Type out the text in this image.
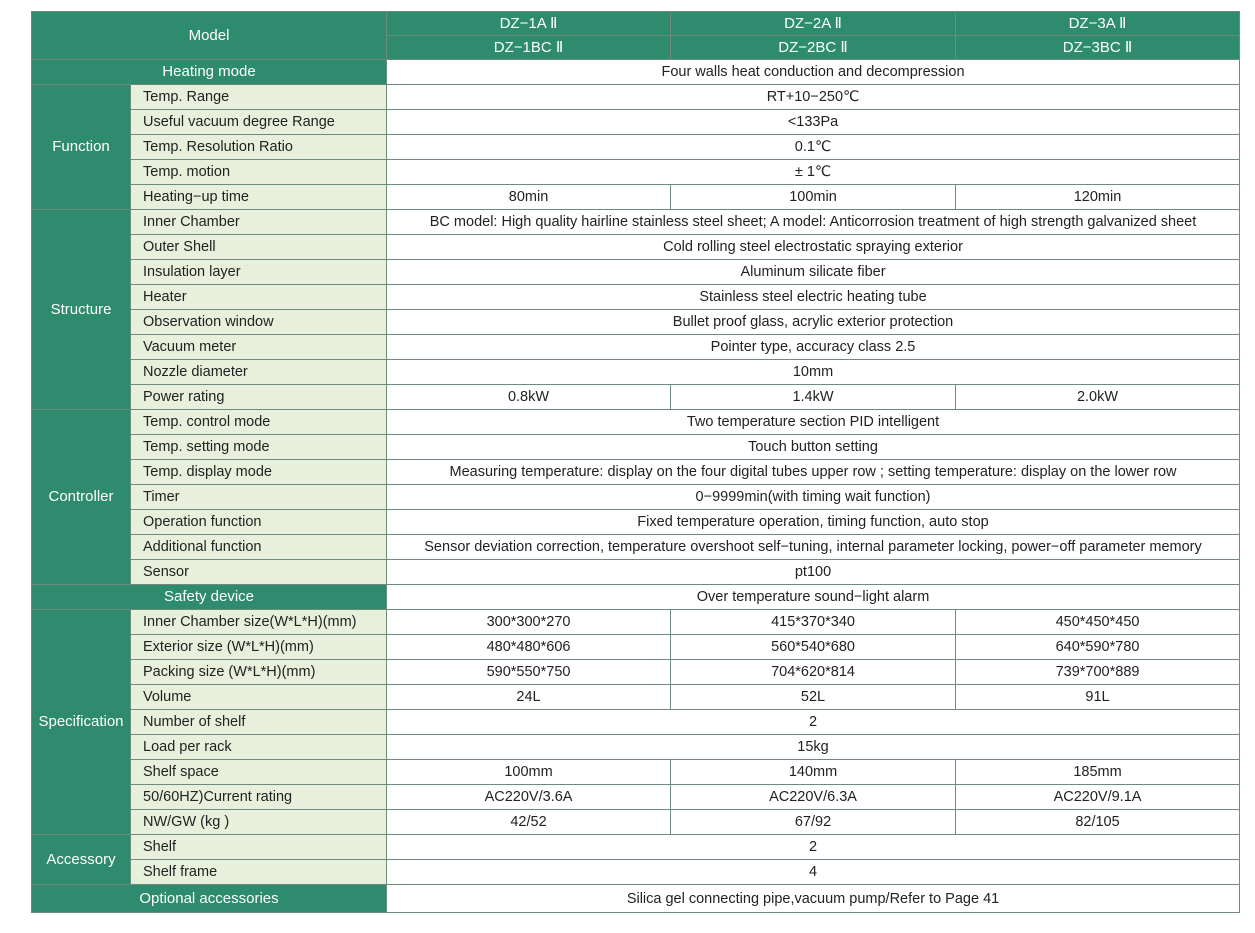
Model		DZ−1A Ⅱ	DZ−2A Ⅱ	DZ−3A Ⅱ
		DZ−1BC Ⅱ	DZ−2BC Ⅱ	DZ−3BC Ⅱ
Heating mode		Four walls heat conduction and decompression		
Function	Temp. Range	RT+10−250℃		
	Useful vacuum degree Range	<133Pa		
	Temp. Resolution Ratio	0.1℃		
	Temp. motion	± 1℃		
	Heating−up time	80min	100min	120min
Structure	Inner Chamber	BC model: High quality hairline stainless steel sheet; A model: Anticorrosion treatment of high strength galvanized sheet		
	Outer Shell	Cold rolling steel electrostatic spraying exterior		
	Insulation layer	Aluminum silicate fiber		
	Heater	Stainless steel electric heating tube		
	Observation window	Bullet proof glass, acrylic exterior protection		
	Vacuum meter	Pointer type, accuracy class 2.5		
	Nozzle diameter	10mm		
	Power rating	0.8kW	1.4kW	2.0kW
Controller	Temp. control mode	Two temperature section PID intelligent		
	Temp. setting mode	Touch button setting		
	Temp. display mode	Measuring temperature: display on the four digital tubes upper row ; setting temperature: display on the lower row		
	Timer	0−9999min(with timing wait function)		
	Operation function	Fixed temperature operation, timing function, auto stop		
	Additional function	Sensor deviation correction, temperature overshoot self−tuning, internal parameter locking, power−off parameter memory		
	Sensor	pt100		
Safety device		Over temperature sound−light alarm		
Specification	Inner Chamber size(W*L*H)(mm)	300*300*270	415*370*340	450*450*450
	Exterior size (W*L*H)(mm)	480*480*606	560*540*680	640*590*780
	Packing size (W*L*H)(mm)	590*550*750	704*620*814	739*700*889
	Volume	24L	52L	91L
	Number of shelf	2		
	Load per rack	15kg		
	Shelf space	100mm	140mm	185mm
	50/60HZ)Current rating	AC220V/3.6A	AC220V/6.3A	AC220V/9.1A
	NW/GW (kg )	42/52	67/92	82/105
Accessory	Shelf	2		
	Shelf frame	4		
Optional accessories		Silica gel connecting pipe,vacuum pump/Refer to Page 41		
